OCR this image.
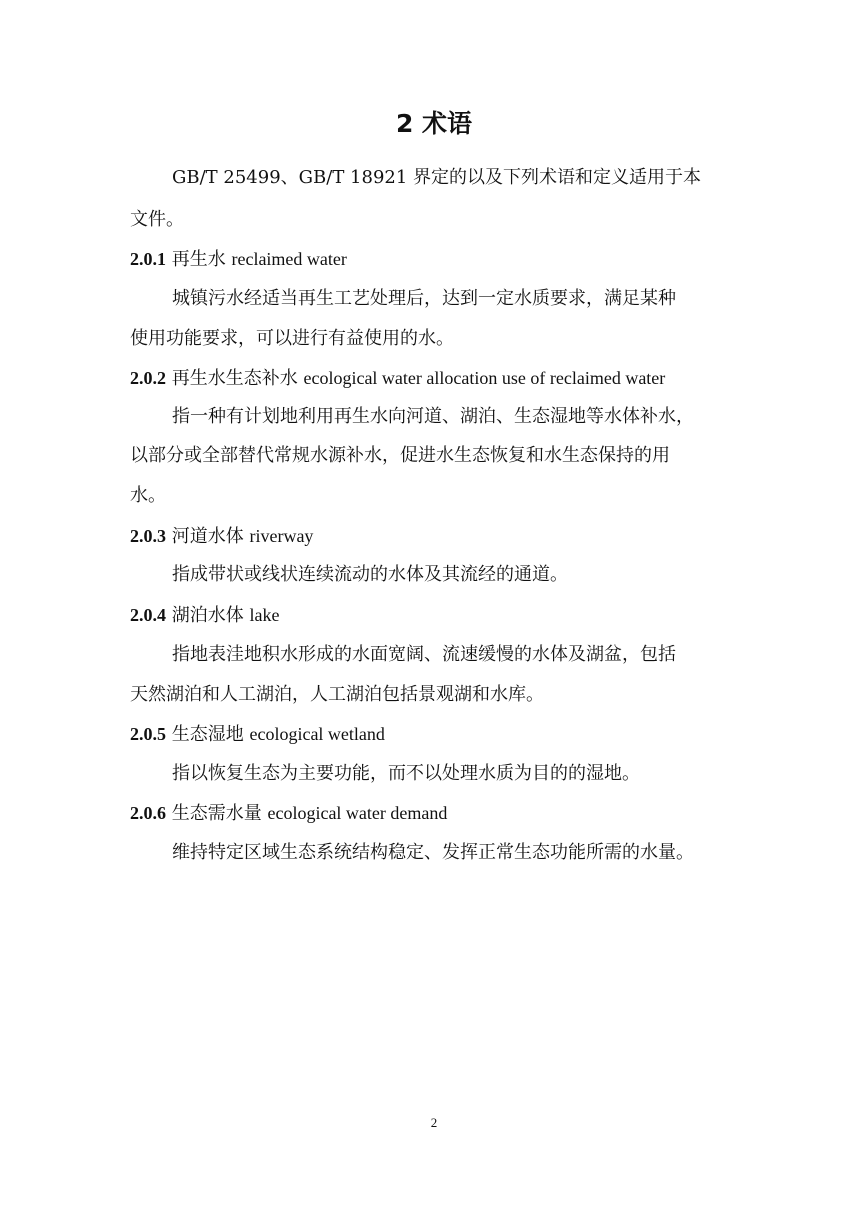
2 术语
GB/T 25499、GB/T 18921 界定的以及下列术语和定义适用于本
文件。
2.0.1 再生水 reclaimed water
城镇污水经适当再生工艺处理后，达到一定水质要求，满足某种
使用功能要求，可以进行有益使用的水。
2.0.2 再生水生态补水 ecological water allocation use of reclaimed water
指一种有计划地利用再生水向河道、湖泊、生态湿地等水体补水，
以部分或全部替代常规水源补水，促进水生态恢复和水生态保持的用
水。
2.0.3 河道水体 riverway
指成带状或线状连续流动的水体及其流经的通道。
2.0.4 湖泊水体 lake
指地表洼地积水形成的水面宽阔、流速缓慢的水体及湖盆，包括
天然湖泊和人工湖泊，人工湖泊包括景观湖和水库。
2.0.5 生态湿地 ecological wetland
指以恢复生态为主要功能，而不以处理水质为目的的湿地。
2.0.6 生态需水量 ecological water demand
维持特定区域生态系统结构稳定、发挥正常生态功能所需的水量。
2
